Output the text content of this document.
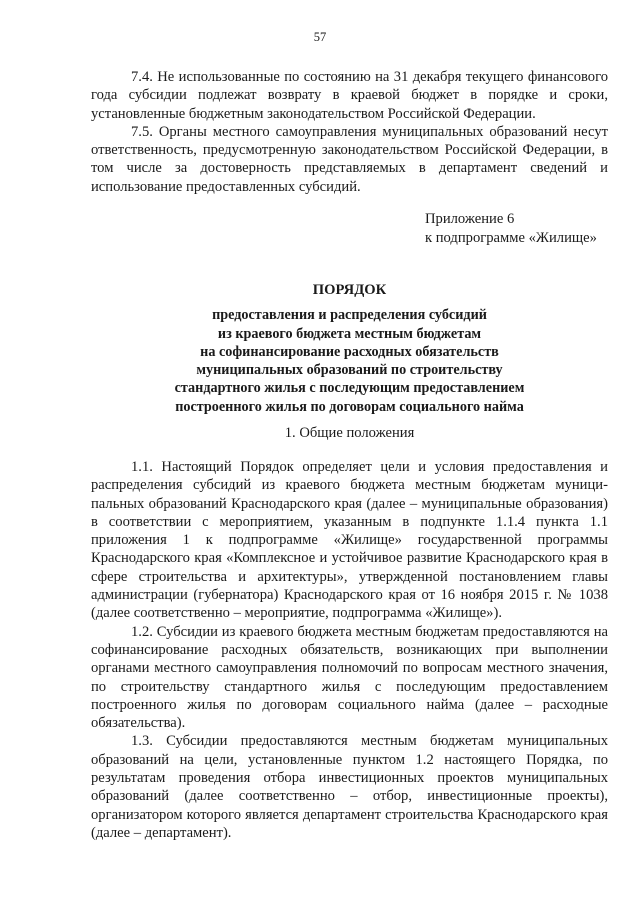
57

7.4. Не использованные по состоянию на 31 декабря текущего финансового года субсидии подлежат возврату в краевой бюджет в порядке и сроки, установленные бюджетным законодательством Российской Федерации.

7.5. Органы местного самоуправления муниципальных образований несут ответственность, предусмотренную законодательством Российской Федерации, в том числе за достоверность представляемых в департамент сведений и использование предоставленных субсидий.

Приложение 6
к подпрограмме «Жилище»
ПОРЯДОК
предоставления и распределения субсидий
из краевого бюджета местным бюджетам
на софинансирование расходных обязательств
муниципальных образований по строительству
стандартного жилья с последующим предоставлением
построенного жилья по договорам социального найма
1. Общие положения

1.1. Настоящий Порядок определяет цели и условия предоставления и распределения субсидий из краевого бюджета местным бюджетам муниципальных образований Краснодарского края (далее – муниципальные образования) в соответствии с мероприятием, указанным в подпункте 1.1.4 пункта 1.1 приложения 1 к подпрограмме «Жилище» государственной программы Краснодарского края «Комплексное и устойчивое развитие Краснодарского края в сфере строительства и архитектуры», утвержденной постановлением главы администрации (губернатора) Краснодарского края от 16 ноября 2015 г. № 1038 (далее соответственно – мероприятие, подпрограмма «Жилище»).

1.2. Субсидии из краевого бюджета местным бюджетам предоставляются на софинансирование расходных обязательств, возникающих при выполнении органами местного самоуправления полномочий по вопросам местного значения, по строительству стандартного жилья с последующим предоставлением построенного жилья по договорам социального найма (далее – расходные обязательства).

1.3. Субсидии предоставляются местным бюджетам муниципальных образований на цели, установленные пунктом 1.2 настоящего Порядка, по результатам проведения отбора инвестиционных проектов муниципальных образований (далее соответственно – отбор, инвестиционные проекты), организатором которого является департамент строительства Краснодарского края (далее – департамент).
